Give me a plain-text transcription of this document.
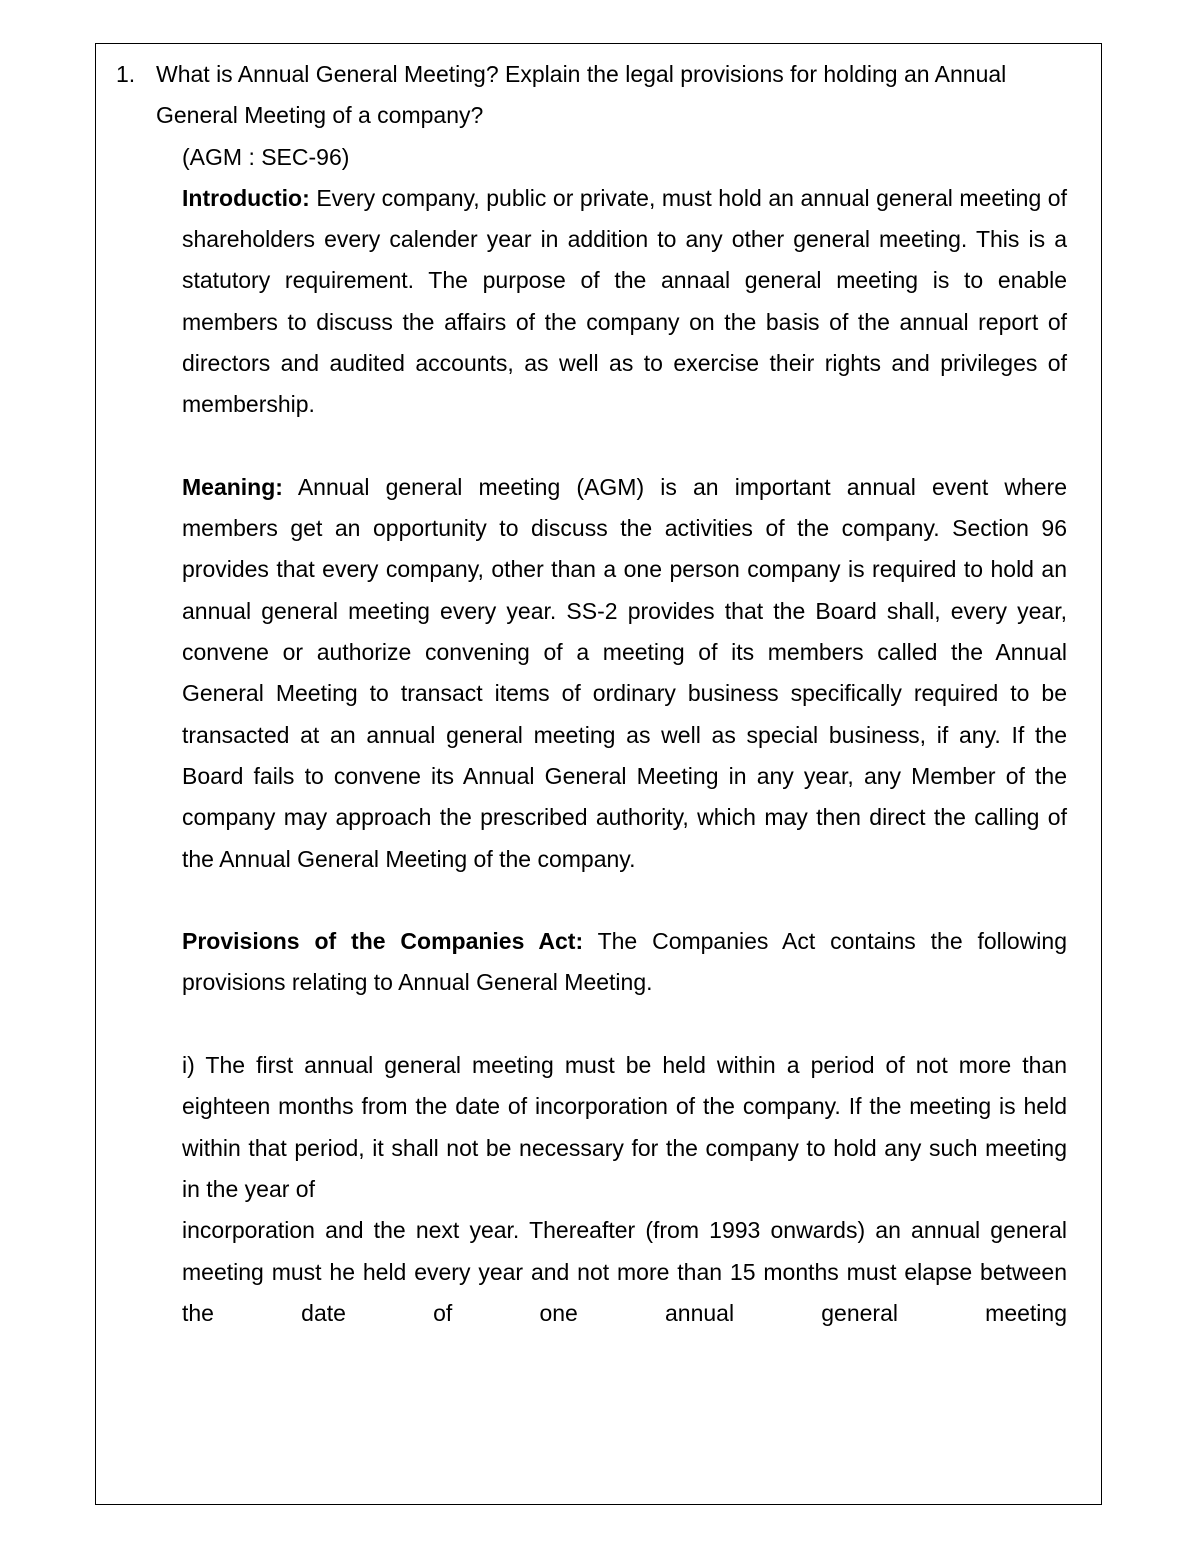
1. What is Annual General Meeting? Explain the legal provisions for holding an Annual General Meeting of a company?

(AGM : SEC-96)

Introductio: Every company, public or private, must hold an annual general meeting of shareholders every calender year in addition to any other general meeting. This is a statutory requirement. The purpose of the annaal general meeting is to enable members to discuss the affairs of the company on the basis of the annual report of directors and audited accounts, as well as to exercise their rights and privileges of membership.

Meaning: Annual general meeting (AGM) is an important annual event where members get an opportunity to discuss the activities of the company. Section 96 provides that every company, other than a one person company is required to hold an annual general meeting every year. SS-2 provides that the Board shall, every year, convene or authorize convening of a meeting of its members called the Annual General Meeting to transact items of ordinary business specifically required to be transacted at an annual general meeting as well as special business, if any. If the Board fails to convene its Annual General Meeting in any year, any Member of the company may approach the prescribed authority, which may then direct the calling of the Annual General Meeting of the company.

Provisions of the Companies Act: The Companies Act contains the following provisions relating to Annual General Meeting.

i) The first annual general meeting must be held within a period of not more than eighteen months from the date of incorporation of the company. If the meeting is held within that period, it shall not be necessary for the company to hold any such meeting in the year of

incorporation and the next year. Thereafter (from 1993 onwards) an annual general meeting must he held every year and not more than 15 months must elapse between the date of one annual general meeting
